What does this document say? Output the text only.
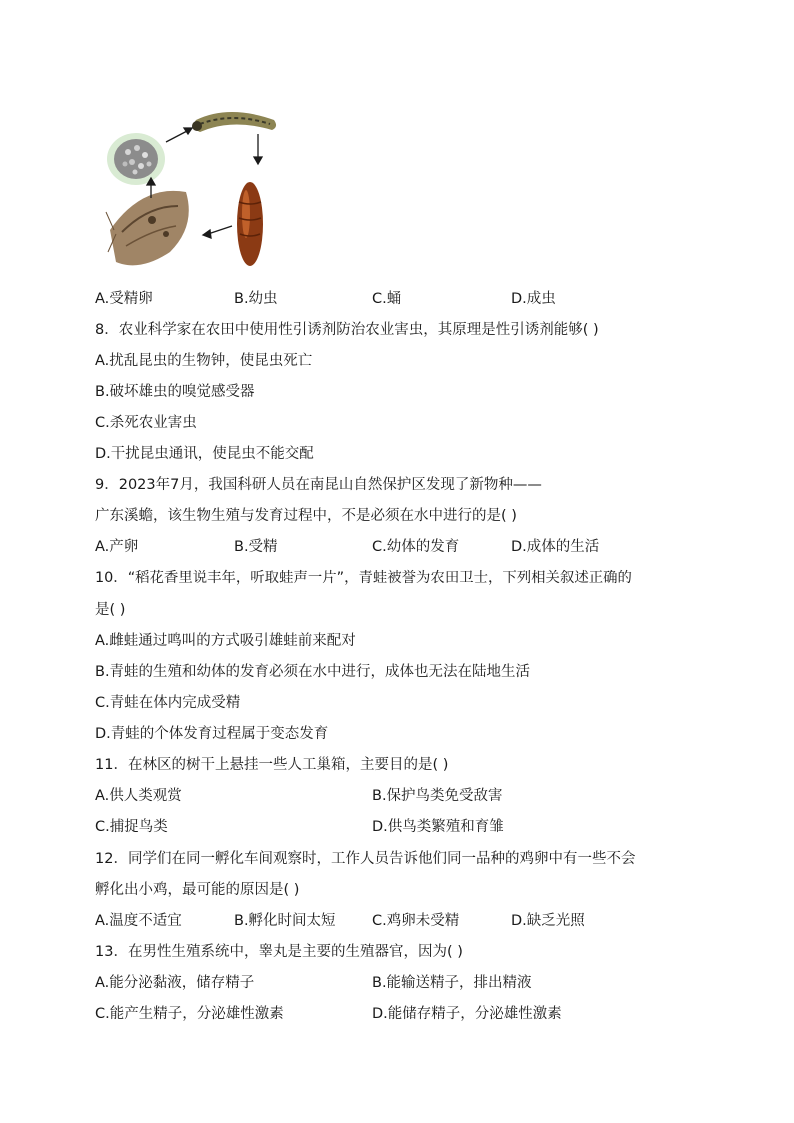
A.受精卵	B.幼虫	C.蛹	D.成虫
8．农业科学家在农田中使用性引诱剂防治农业害虫，其原理是性引诱剂能够( )
A.扰乱昆虫的生物钟，使昆虫死亡
B.破坏雄虫的嗅觉感受器
C.杀死农业害虫
D.干扰昆虫通讯，使昆虫不能交配
9．2023年7月，我国科研人员在南昆山自然保护区发现了新物种——
广东溪蟾，该生物生殖与发育过程中，不是必须在水中进行的是( )
A.产卵	B.受精	C.幼体的发育	D.成体的生活
10．“稻花香里说丰年，听取蛙声一片”，青蛙被誉为农田卫士，下列相关叙述正确的
是( )
A.雌蛙通过鸣叫的方式吸引雄蛙前来配对
B.青蛙的生殖和幼体的发育必须在水中进行，成体也无法在陆地生活
C.青蛙在体内完成受精
D.青蛙的个体发育过程属于变态发育
11．在林区的树干上悬挂一些人工巢箱，主要目的是( )
A.供人类观赏	B.保护鸟类免受敌害
C.捕捉鸟类	D.供鸟类繁殖和育雏
12．同学们在同一孵化车间观察时，工作人员告诉他们同一品种的鸡卵中有一些不会
孵化出小鸡，最可能的原因是( )
A.温度不适宜	B.孵化时间太短	C.鸡卵未受精	D.缺乏光照
13．在男性生殖系统中，睾丸是主要的生殖器官，因为( )
A.能分泌黏液，储存精子	B.能输送精子，排出精液
C.能产生精子，分泌雄性激素	D.能储存精子，分泌雄性激素
